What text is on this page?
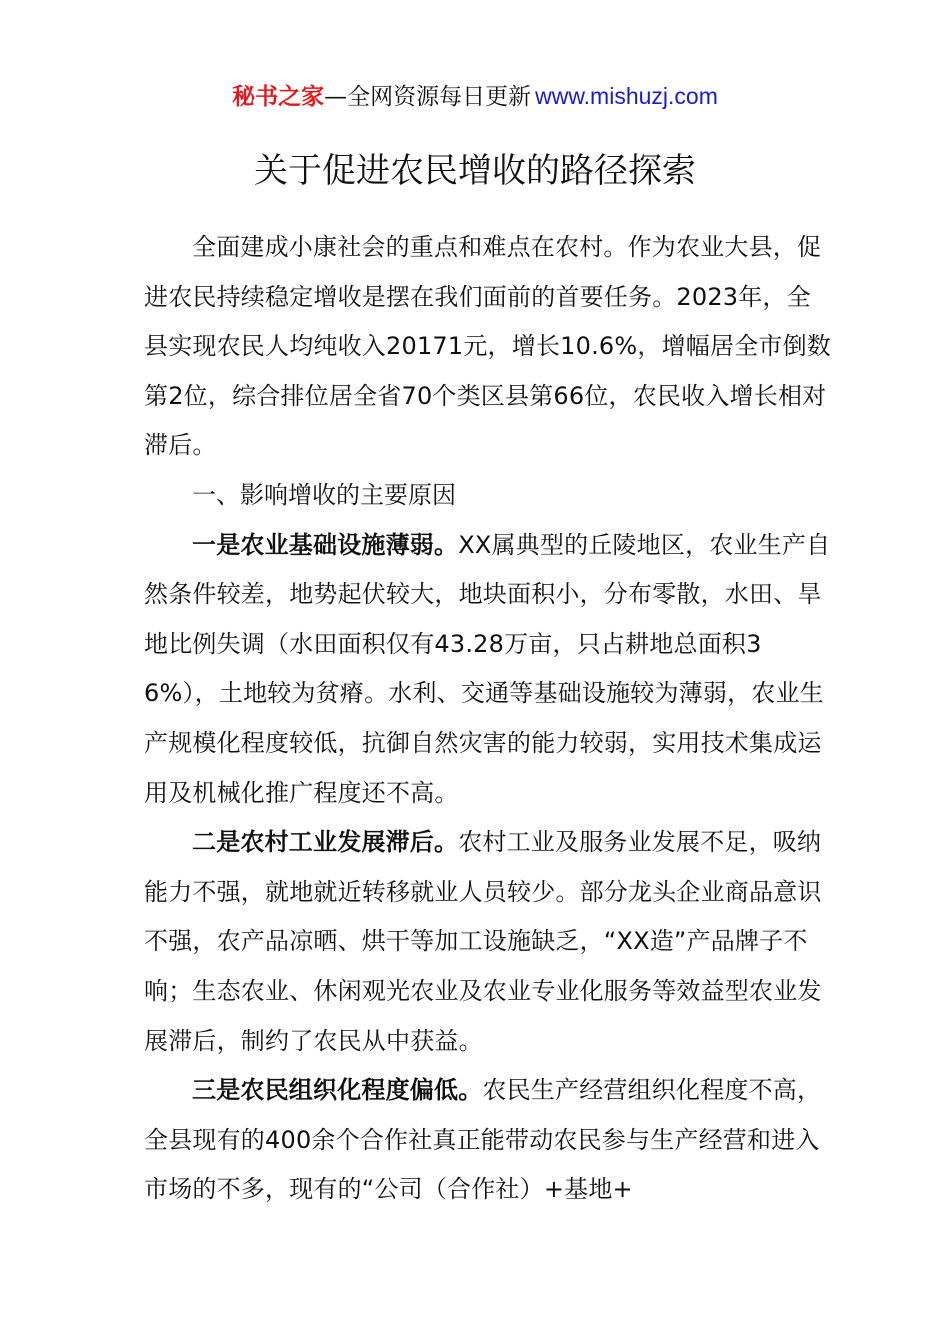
秘书之家—全网资源每日更新 www.mishuzj.com
关于促进农民增收的路径探索

全面建成小康社会的重点和难点在农村。作为农业大县，促进农民持续稳定增收是摆在我们面前的首要任务。2023年，全县实现农民人均纯收入20171元，增长10.6%，增幅居全市倒数第2位，综合排位居全省70个类区县第66位，农民收入增长相对滞后。

一、影响增收的主要原因

一是农业基础设施薄弱。XX属典型的丘陵地区，农业生产自然条件较差，地势起伏较大，地块面积小，分布零散，水田、旱地比例失调（水田面积仅有43.28万亩，只占耕地总面积36%），土地较为贫瘠。水利、交通等基础设施较为薄弱，农业生产规模化程度较低，抗御自然灾害的能力较弱，实用技术集成运用及机械化推广程度还不高。

二是农村工业发展滞后。农村工业及服务业发展不足，吸纳能力不强，就地就近转移就业人员较少。部分龙头企业商品意识不强，农产品凉晒、烘干等加工设施缺乏，“XX造”产品牌子不响；生态农业、休闲观光农业及农业专业化服务等效益型农业发展滞后，制约了农民从中获益。

三是农民组织化程度偏低。农民生产经营组织化程度不高，全县现有的400余个合作社真正能带动农民参与生产经营和进入市场的不多，现有的“公司（合作社）+基地+
